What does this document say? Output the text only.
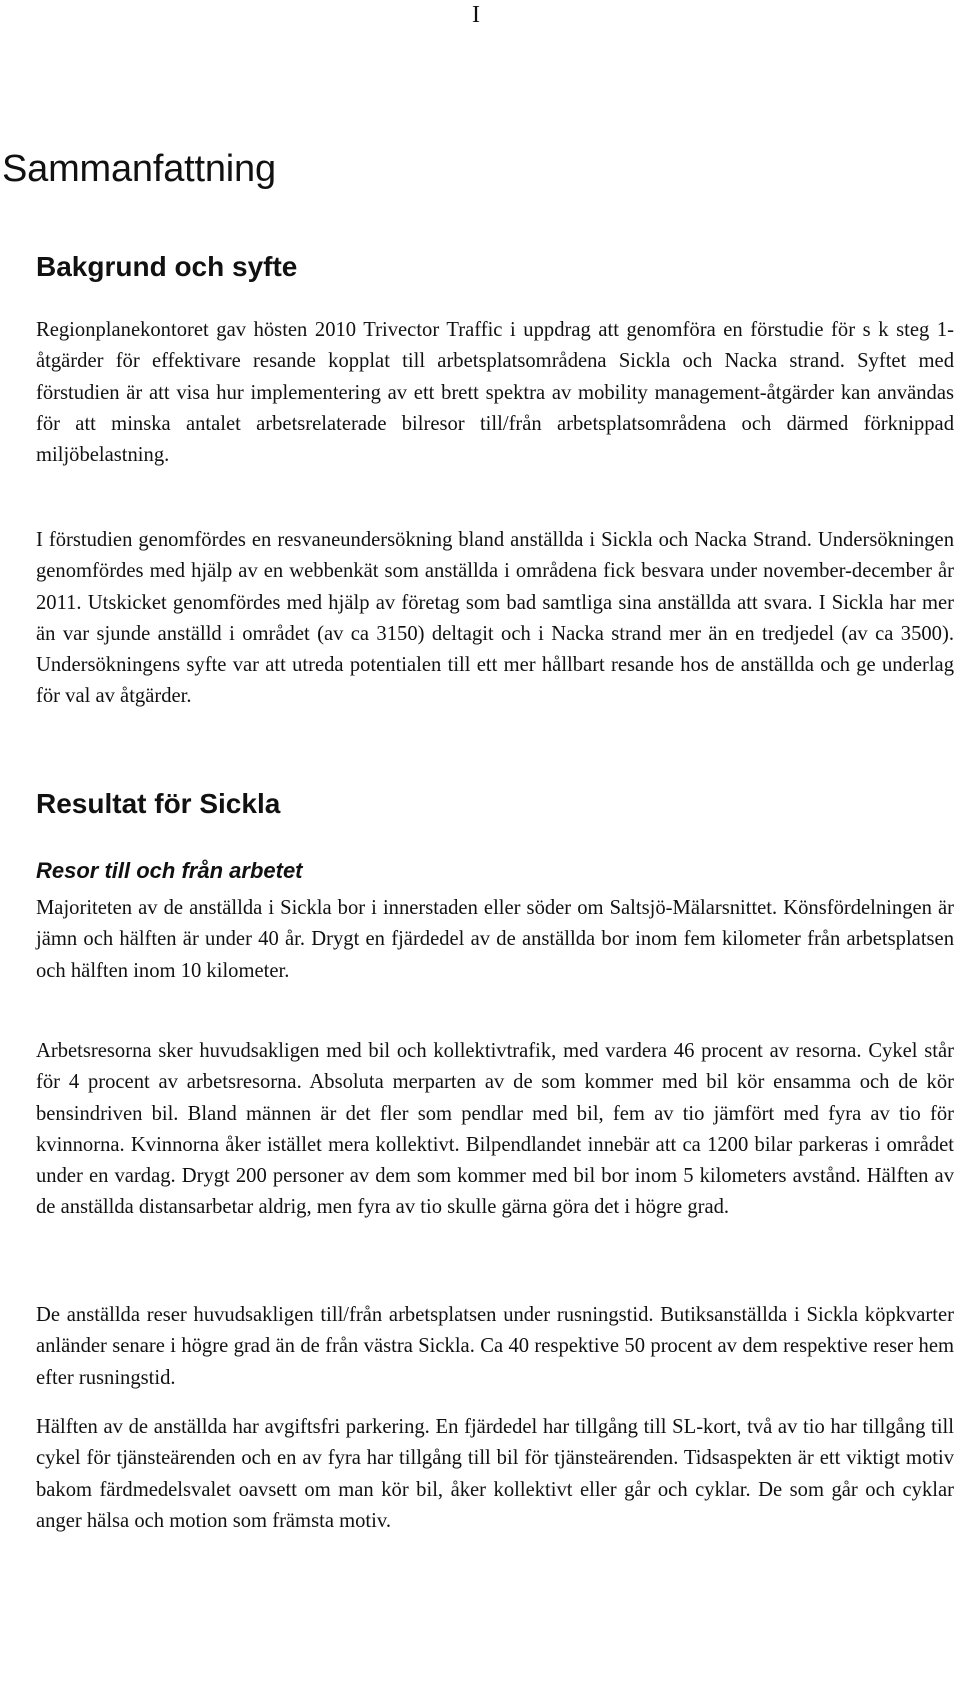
I
Sammanfattning
Bakgrund och syfte

Regionplanekontoret gav hösten 2010 Trivector Traffic i uppdrag att genomföra en förstudie för s k steg 1-åtgärder för effektivare resande kopplat till arbetsplatsområdena Sickla och Nacka strand. Syftet med förstudien är att visa hur implementering av ett brett spektra av mobility management-åtgärder kan användas för att minska antalet arbetsrelaterade bilresor till/från arbetsplatsområdena och därmed förknippad miljöbelastning.

I förstudien genomfördes en resvaneundersökning bland anställda i Sickla och Nacka Strand. Undersökningen genomfördes med hjälp av en webbenkät som anställda i områdena fick besvara under november-december år 2011. Utskicket genomfördes med hjälp av företag som bad samtliga sina anställda att svara. I Sickla har mer än var sjunde anställd i området (av ca 3150) deltagit och i Nacka strand mer än en tredjedel (av ca 3500). Undersökningens syfte var att utreda potentialen till ett mer hållbart resande hos de anställda och ge underlag för val av åtgärder.

Resultat för Sickla
Resor till och från arbetet

Majoriteten av de anställda i Sickla bor i innerstaden eller söder om Saltsjö-Mälarsnittet. Könsfördelningen är jämn och hälften är under 40 år. Drygt en fjärdedel av de anställda bor inom fem kilometer från arbetsplatsen och hälften inom 10 kilometer.

Arbetsresorna sker huvudsakligen med bil och kollektivtrafik, med vardera 46 procent av resorna. Cykel står för 4 procent av arbetsresorna. Absoluta merparten av de som kommer med bil kör ensamma och de kör bensindriven bil. Bland männen är det fler som pendlar med bil, fem av tio jämfört med fyra av tio för kvinnorna. Kvinnorna åker istället mera kollektivt. Bilpendlandet innebär att ca 1200 bilar parkeras i området under en vardag. Drygt 200 personer av dem som kommer med bil bor inom 5 kilometers avstånd. Hälften av de anställda distansarbetar aldrig, men fyra av tio skulle gärna göra det i högre grad.

De anställda reser huvudsakligen till/från arbetsplatsen under rusningstid. Butiksanställda i Sickla köpkvarter anländer senare i högre grad än de från västra Sickla. Ca 40 respektive 50 procent av dem respektive reser hem efter rusningstid.

Hälften av de anställda har avgiftsfri parkering. En fjärdedel har tillgång till SL-kort, två av tio har tillgång till cykel för tjänsteärenden och en av fyra har tillgång till bil för tjänsteärenden. Tidsaspekten är ett viktigt motiv bakom färdmedelsvalet oavsett om man kör bil, åker kollektivt eller går och cyklar. De som går och cyklar anger hälsa och motion som främsta motiv.
